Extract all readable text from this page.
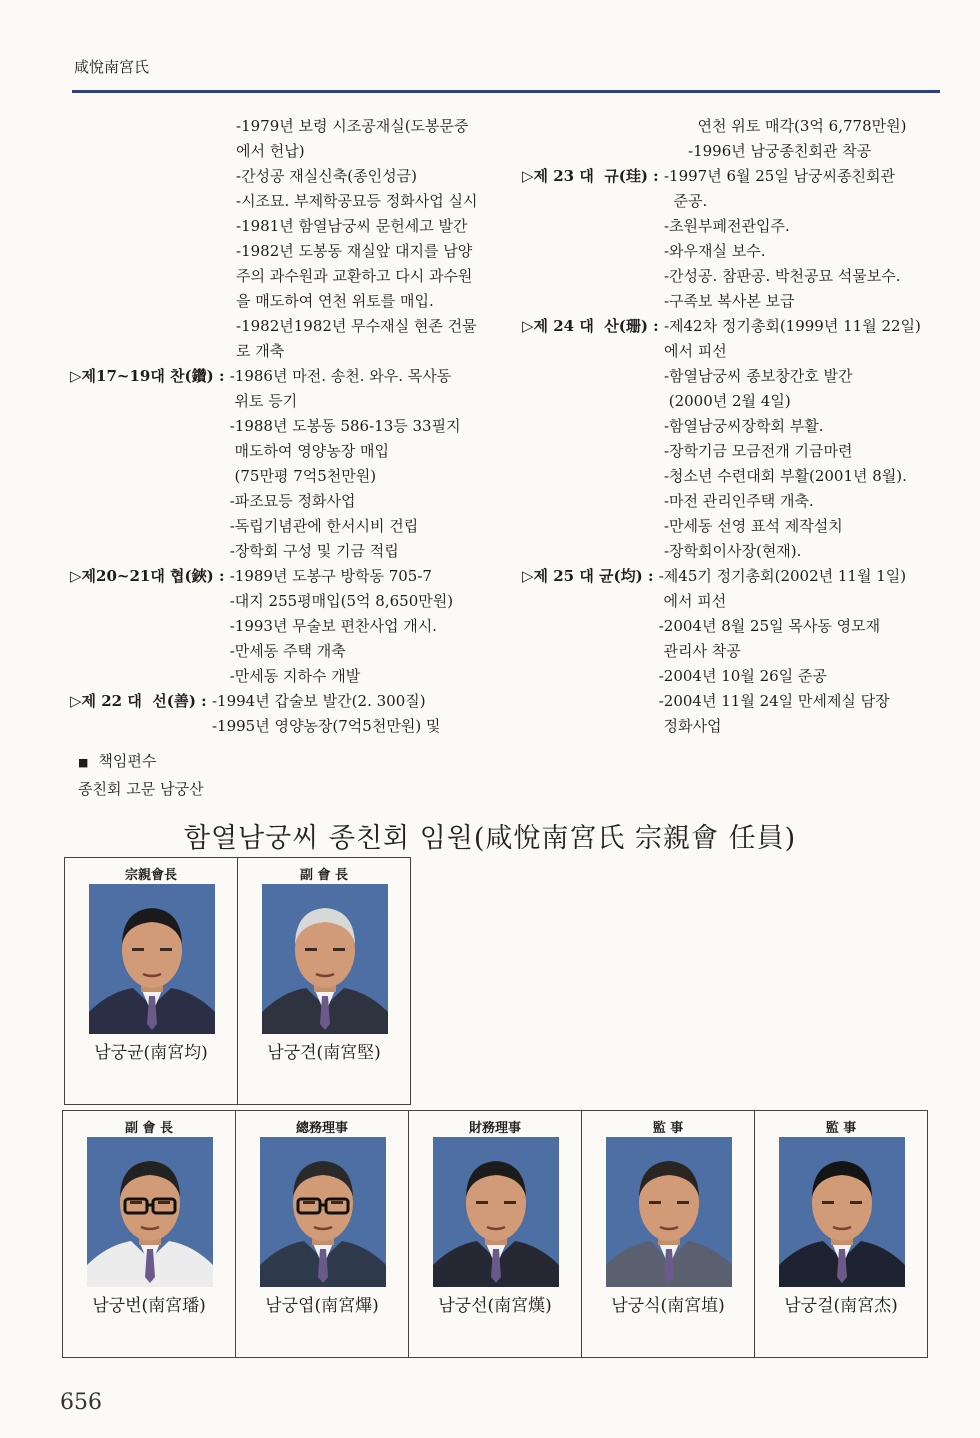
咸悅南宮氏
-1979년 보령 시조공재실(도봉문중
에서 헌납)
-간성공 재실신축(종인성금)
-시조묘. 부제학공묘등 정화사업 실시
-1981년 함열남궁씨 문헌세고 발간
-1982년 도봉동 재실앞 대지를 남양
주의 과수원과 교환하고 다시 과수원
을 매도하여 연천 위토를 매입.
-1982년1982년 무수재실 현존 건물
로 개축
▷제17~19대 찬(鑽) : -1986년 마전. 송천. 와우. 목사동
위토 등기
-1988년 도봉동 586-13등 33필지
매도하여 영양농장 매입
(75만평 7억5천만원)
-파조묘등 정화사업
-독립기념관에 한서시비 건립
-장학회 구성 및 기금 적립
▷제20~21대 협(鋏) : -1989년 도봉구 방학동 705-7
-대지 255평매입(5억 8,650만원)
-1993년 무술보 편찬사업 개시.
-만세동 주택 개축
-만세동 지하수 개발
▷제 22 대  선(善) : -1994년 갑술보 발간(2. 300질)
-1995년 영양농장(7억5천만원) 및
연천 위토 매각(3억 6,778만원)
-1996년 남궁종친회관 착공
▷제 23 대  규(珪) : -1997년 6월 25일 남궁씨종친회관
준공.
-초원부페전관입주.
-와우재실 보수.
-간성공. 참판공. 박천공묘 석물보수.
-구족보 복사본 보급
▷제 24 대  산(珊) : -제42차 정기총회(1999년 11월 22일)
에서 피선
-함열남궁씨 종보창간호 발간
(2000년 2월 4일)
-함열남궁씨장학회 부활.
-장학기금 모금전개 기금마련
-청소년 수련대회 부활(2001년 8월).
-마전 관리인주택 개축.
-만세동 선영 표석 제작설치
-장학회이사장(현재).
▷제 25 대 균(均) : -제45기 정기총회(2002년 11월 1일)
에서 피선
-2004년 8월 25일 목사동 영모재
관리사 착공
-2004년 10월 26일 준공
-2004년 11월 24일 만세제실 담장
정화사업
■ 책임편수
종친회 고문 남궁산
함열남궁씨 종친회 임원(咸悅南宮氏 宗親會 任員)
宗親會長
남궁균(南宮均)
副 會 長
남궁견(南宮堅)
副 會 長
남궁번(南宮璠)
總務理事
남궁엽(南宮熚)
財務理事
남궁선(南宮熯)
監 事
남궁식(南宮埴)
監 事
남궁걸(南宮杰)
656
